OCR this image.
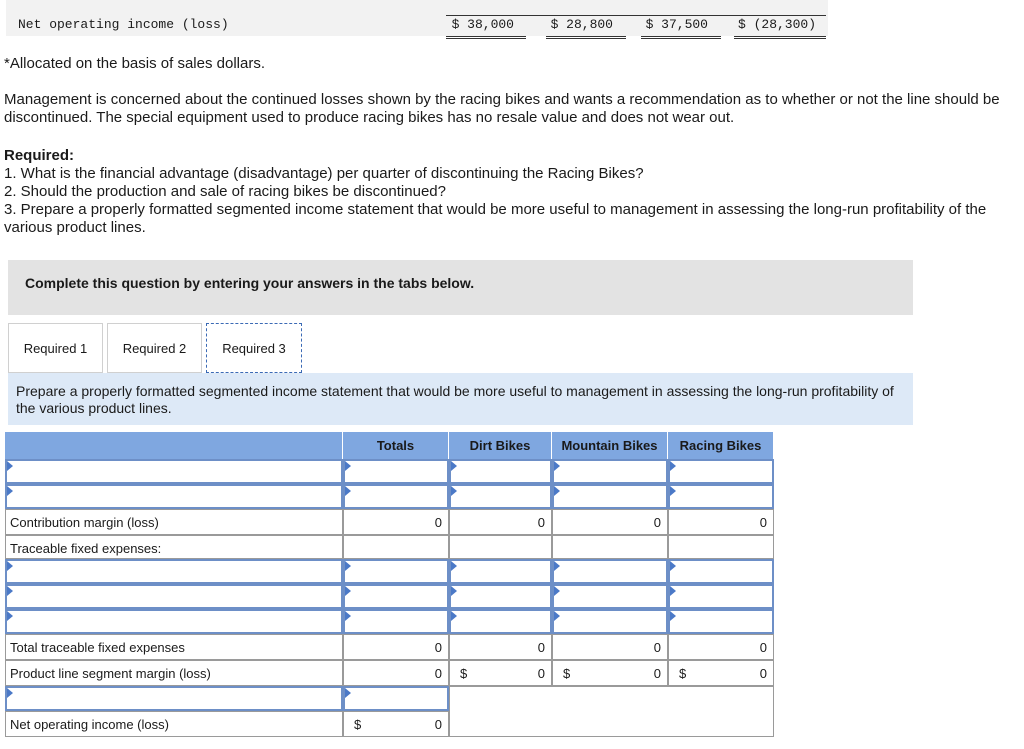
Net operating income (loss)	$ 38,000	$ 28,800	$ 37,500 $ (28,300)

*Allocated on the basis of sales dollars.

Management is concerned about the continued losses shown by the racing bikes and wants a recommendation as to whether or not the line should be discontinued. The special equipment used to produce racing bikes has no resale value and does not wear out.

Required:
1. What is the financial advantage (disadvantage) per quarter of discontinuing the Racing Bikes?
2. Should the production and sale of racing bikes be discontinued?
3. Prepare a properly formatted segmented income statement that would be more useful to management in assessing the long-run profitability of the various product lines.
Complete this question by entering your answers in the tabs below.
Required 1	Required 2	Required 3
Prepare a properly formatted segmented income statement that would be more useful to management in assessing the long-run profitability of the various product lines.
Totals	Dirt Bikes	Mountain Bikes	Racing Bikes
Contribution margin (loss)	0	0	0	0
Traceable fixed expenses:
Total traceable fixed expenses	0	0	0	0
Product line segment margin (loss)	0	$	0	$	0	$	0
Net operating income (loss)	$	0
